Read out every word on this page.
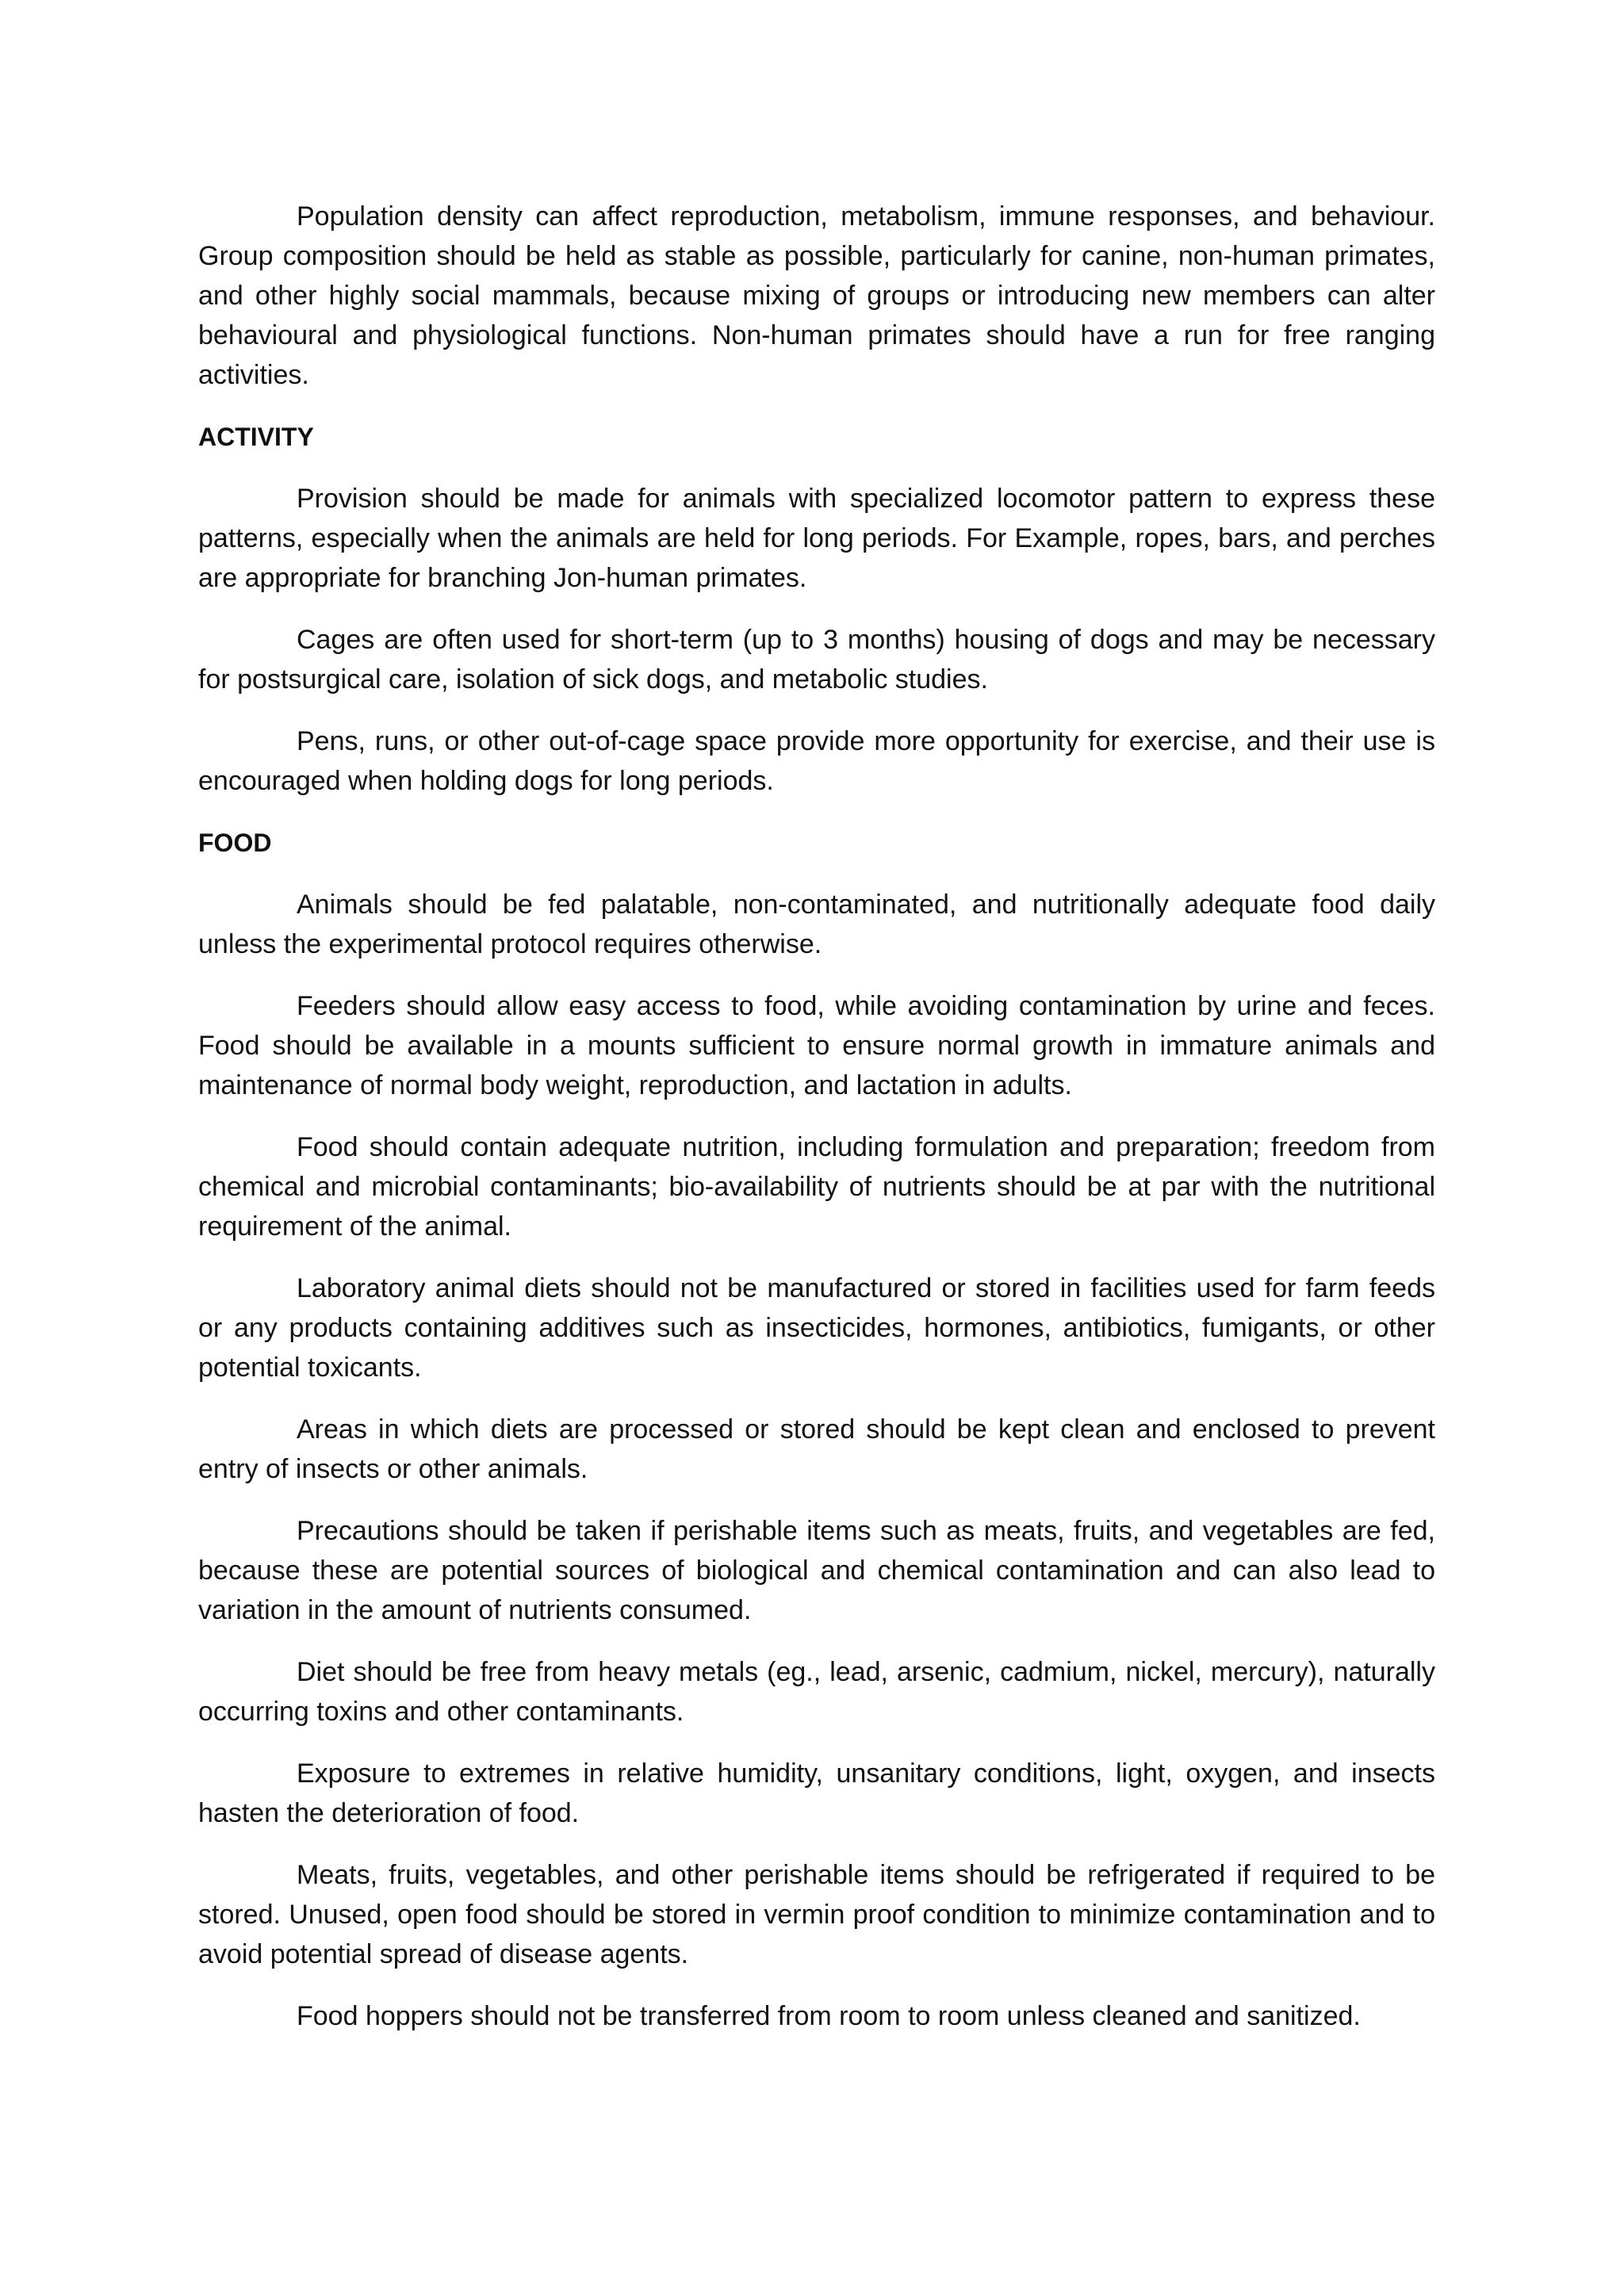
Population density can affect reproduction, metabolism, immune responses, and behaviour. Group composition should be held as stable as possible, particularly for canine, non-human primates, and other highly social mammals, because mixing of groups or introducing new members can alter behavioural and physiological functions. Non-human primates should have a run for free ranging activities.

ACTIVITY

Provision should be made for animals with specialized locomotor pattern to express these patterns, especially when the animals are held for long periods. For Example, ropes, bars, and perches are appropriate for branching Jon-human primates.

Cages are often used for short-term (up to 3 months) housing of dogs and may be necessary for postsurgical care, isolation of sick dogs, and metabolic studies.

Pens, runs, or other out-of-cage space provide more opportunity for exercise, and their use is encouraged when holding dogs for long periods.

FOOD

Animals should be fed palatable, non-contaminated, and nutritionally adequate food daily unless the experimental protocol requires otherwise.

Feeders should allow easy access to food, while avoiding contamination by urine and feces. Food should be available in a mounts sufficient to ensure normal growth in immature animals and maintenance of normal body weight, reproduction, and lactation in adults.

Food should contain adequate nutrition, including formulation and preparation; freedom from chemical and microbial contaminants; bio-availability of nutrients should be at par with the nutritional requirement of the animal.

Laboratory animal diets should not be manufactured or stored in facilities used for farm feeds or any products containing additives such as insecticides, hormones, antibiotics, fumigants, or other potential toxicants.

Areas in which diets are processed or stored should be kept clean and enclosed to prevent entry of insects or other animals.

Precautions should be taken if perishable items such as meats, fruits, and vegetables are fed, because these are potential sources of biological and chemical contamination and can also lead to variation in the amount of nutrients consumed.

Diet should be free from heavy metals (eg., lead, arsenic, cadmium, nickel, mercury), naturally occurring toxins and other contaminants.

Exposure to extremes in relative humidity, unsanitary conditions, light, oxygen, and insects hasten the deterioration of food.

Meats, fruits, vegetables, and other perishable items should be refrigerated if required to be stored. Unused, open food should be stored in vermin proof condition to minimize contamination and to avoid potential spread of disease agents.

Food hoppers should not be transferred from room to room unless cleaned and sanitized.
